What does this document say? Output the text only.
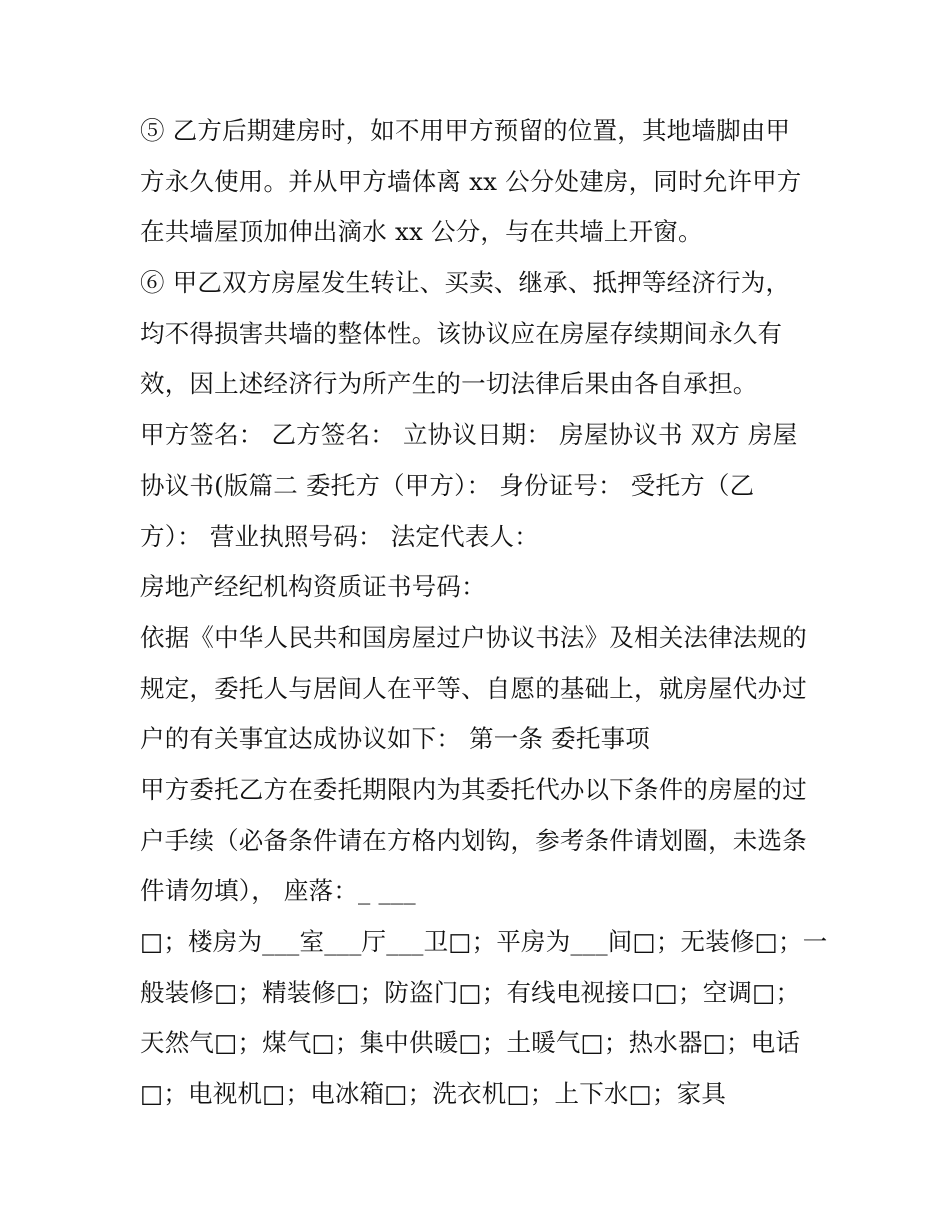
⑤ 乙方后期建房时，如不用甲方预留的位置，其地墙脚由甲
方永久使用。并从甲方墙体离 xx 公分处建房，同时允许甲方
在共墙屋顶加伸出滴水 xx 公分，与在共墙上开窗。
⑥ 甲乙双方房屋发生转让、买卖、继承、抵押等经济行为，
均不得损害共墙的整体性。该协议应在房屋存续期间永久有
效，因上述经济行为所产生的一切法律后果由各自承担。
甲方签名： 乙方签名： 立协议日期： 房屋协议书 双方 房屋
协议书(版篇二 委托方（甲方）： 身份证号： 受托方（乙
方）： 营业执照号码： 法定代表人：
房地产经纪机构资质证书号码：
依据《中华人民共和国房屋过户协议书法》及相关法律法规的
规定，委托人与居间人在平等、自愿的基础上，就房屋代办过
户的有关事宜达成协议如下： 第一条 委托事项
甲方委托乙方在委托期限内为其委托代办以下条件的房屋的过
户手续（必备条件请在方格内划钩，参考条件请划圈，未选条
件请勿填）， 座落：_ ___
□；楼房为___室___厅___卫□；平房为___间□；无装修□；一
般装修□；精装修□；防盗门□；有线电视接口□；空调□；
天然气□；煤气□；集中供暖□；土暖气□；热水器□；电话
□；电视机□；电冰箱□；洗衣机□；上下水□；家具
